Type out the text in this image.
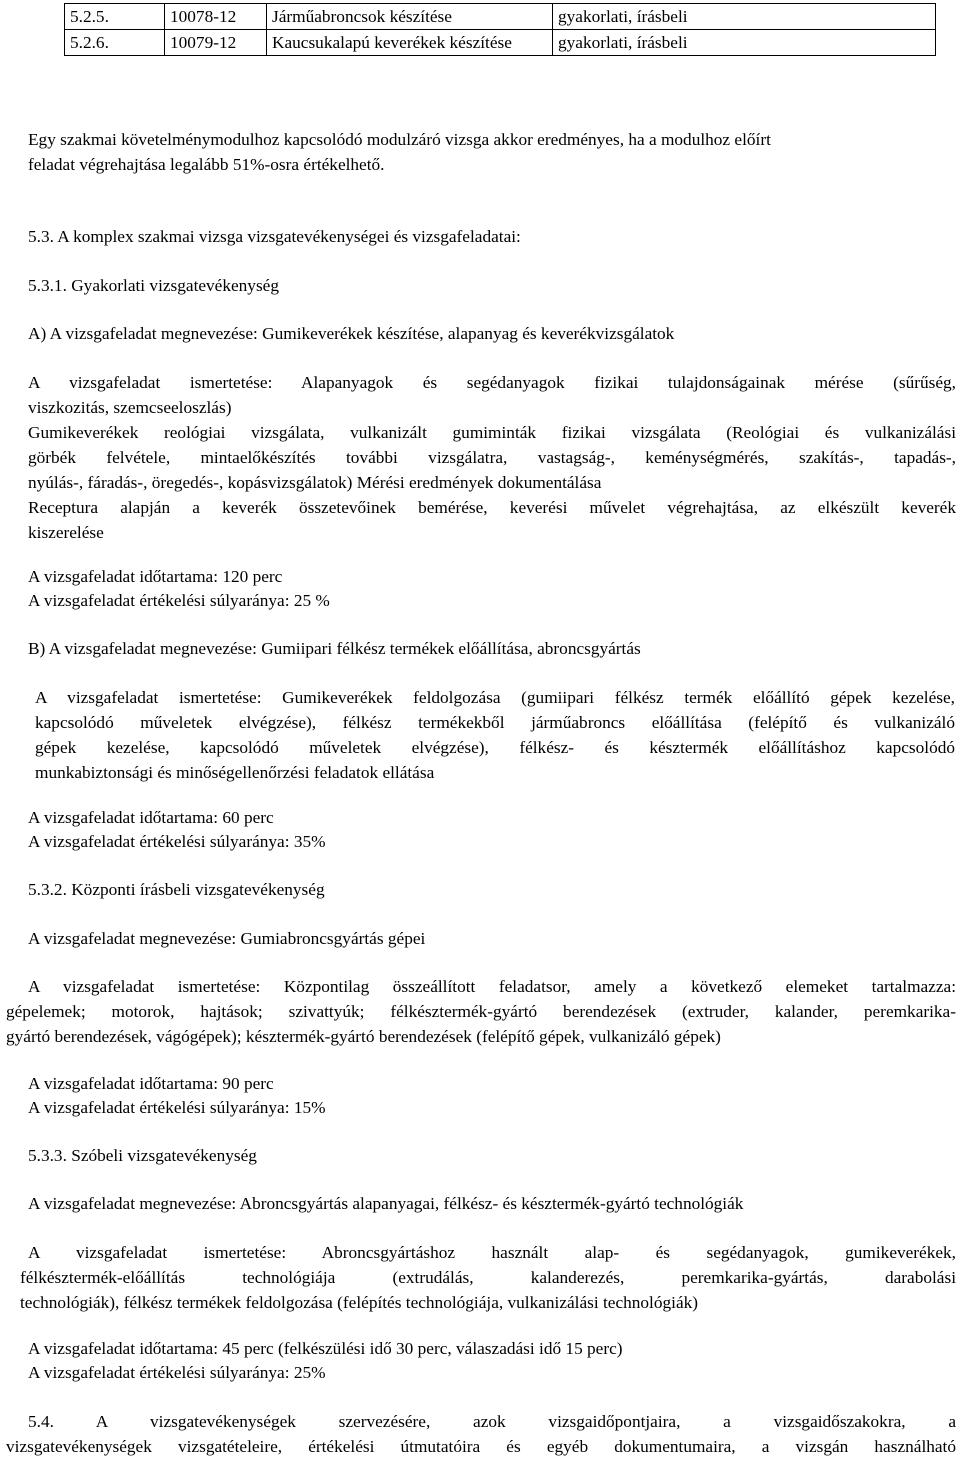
5.2.5.	10078-12	Járműabroncsok készítése	gyakorlati, írásbeli
5.2.6.	10079-12	Kaucsukalapú keverékek készítése	gyakorlati, írásbeli
Egy szakmai követelménymodulhoz kapcsolódó modulzáró vizsga akkor eredményes, ha a modulhoz előírt
feladat végrehajtása legalább 51%-osra értékelhető.
5.3. A komplex szakmai vizsga vizsgatevékenységei és vizsgafeladatai:
5.3.1. Gyakorlati vizsgatevékenység
A) A vizsgafeladat megnevezése: Gumikeverékek készítése, alapanyag és keverékvizsgálatok
A vizsgafeladat ismertetése: Alapanyagok és segédanyagok fizikai tulajdonságainak mérése (sűrűség,
viszkozitás, szemcseeloszlás)
Gumikeverékek reológiai vizsgálata, vulkanizált gumiminták fizikai vizsgálata (Reológiai és vulkanizálási
görbék felvétele, mintaelőkészítés további vizsgálatra, vastagság-, keménységmérés, szakítás-, tapadás-,
nyúlás-, fáradás-, öregedés-, kopásvizsgálatok) Mérési eredmények dokumentálása
Receptura alapján a keverék összetevőinek bemérése, keverési művelet végrehajtása, az elkészült keverék
kiszerelése
A vizsgafeladat időtartama: 120 perc
A vizsgafeladat értékelési súlyaránya: 25 %
B) A vizsgafeladat megnevezése: Gumiipari félkész termékek előállítása, abroncsgyártás
A vizsgafeladat ismertetése: Gumikeverékek feldolgozása (gumiipari félkész termék előállító gépek kezelése,
kapcsolódó műveletek elvégzése), félkész termékekből járműabroncs előállítása (felépítő és vulkanizáló
gépek kezelése, kapcsolódó műveletek elvégzése), félkész- és késztermék előállításhoz kapcsolódó
munkabiztonsági és minőségellenőrzési feladatok ellátása
A vizsgafeladat időtartama: 60 perc
A vizsgafeladat értékelési súlyaránya: 35%
5.3.2. Központi írásbeli vizsgatevékenység
A vizsgafeladat megnevezése: Gumiabroncsgyártás gépei
A vizsgafeladat ismertetése: Központilag összeállított feladatsor, amely a következő elemeket tartalmazza:
gépelemek; motorok, hajtások; szivattyúk; félkésztermék-gyártó berendezések (extruder, kalander, peremkarika-
gyártó berendezések, vágógépek); késztermék-gyártó berendezések (felépítő gépek, vulkanizáló gépek)
A vizsgafeladat időtartama: 90 perc
A vizsgafeladat értékelési súlyaránya: 15%
5.3.3. Szóbeli vizsgatevékenység
A vizsgafeladat megnevezése: Abroncsgyártás alapanyagai, félkész- és késztermék-gyártó technológiák
A vizsgafeladat ismertetése: Abroncsgyártáshoz használt alap- és segédanyagok, gumikeverékek,
félkésztermék-előállítás technológiája (extrudálás, kalanderezés, peremkarika-gyártás, darabolási
technológiák), félkész termékek feldolgozása (felépítés technológiája, vulkanizálási technológiák)
A vizsgafeladat időtartama: 45 perc (felkészülési idő 30 perc, válaszadási idő 15 perc)
A vizsgafeladat értékelési súlyaránya: 25%
5.4. A vizsgatevékenységek szervezésére, azok vizsgaidőpontjaira, a vizsgaidőszakokra, a
vizsgatevékenységek vizsgatételeire, értékelési útmutatóira és egyéb dokumentumaira, a vizsgán használható
